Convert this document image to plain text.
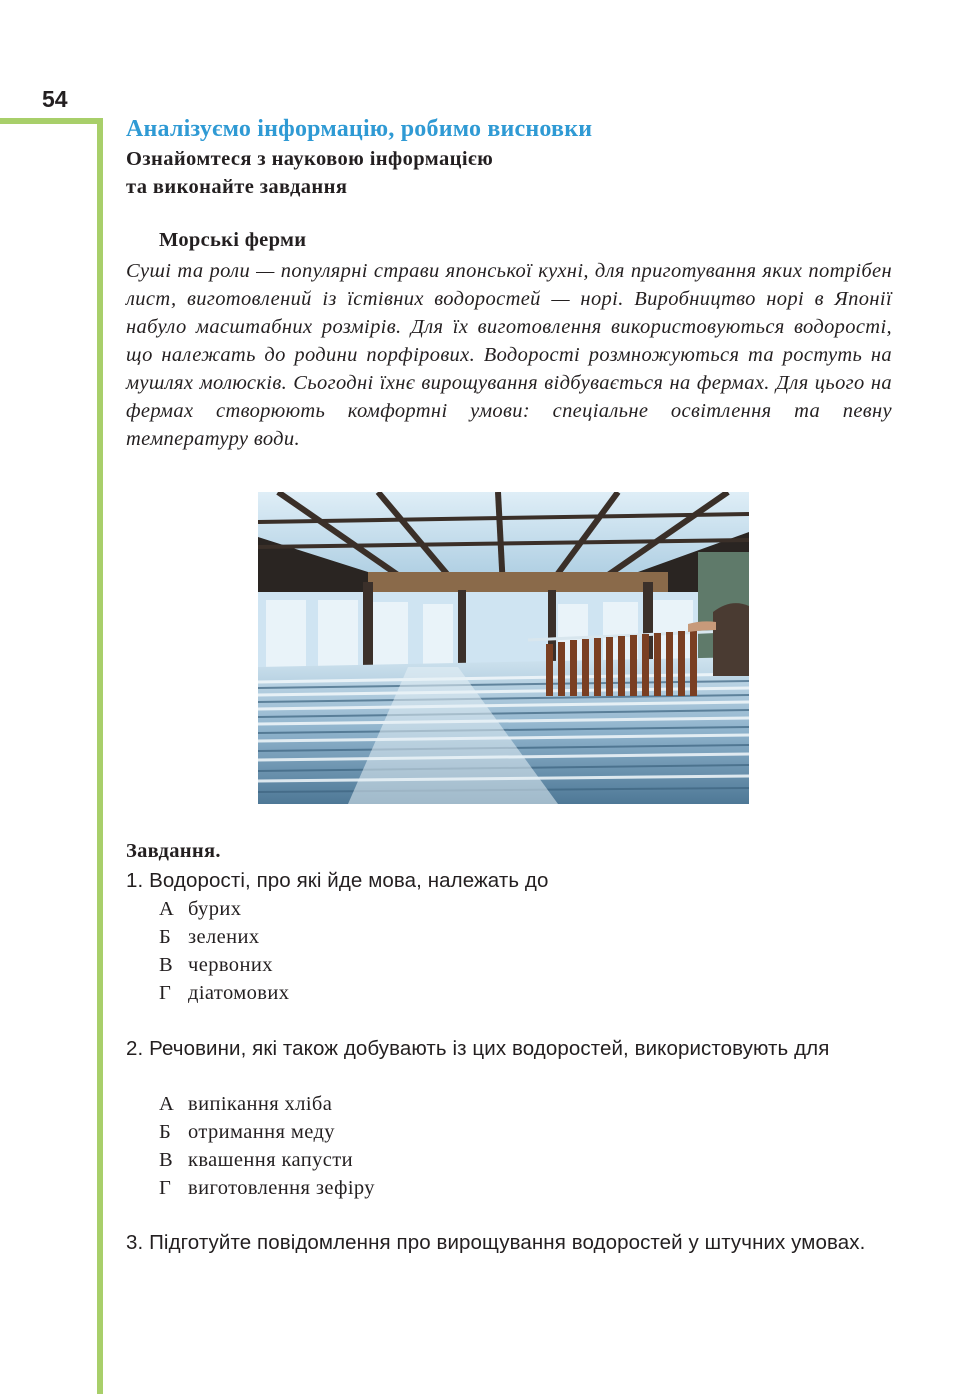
54
Аналізуємо інформацію, робимо висновки
Ознайомтеся з науковою інформацією
та виконайте завдання
Морські ферми

Суші та роли — популярні страви японської кухні, для приготування яких потрібен лист, виготовлений із їстівних водоростей — норі. Виробництво норі в Японії набуло масштабних розмірів. Для їх виготовлення використовуються водорості, що належать до родини порфірових. Водорості розмножуються та ростуть на мушлях молюсків. Сьогодні їхнє вирощування відбувається на фермах. Для цього на фермах створюють комфортні умови: спеціальне освітлення та певну температуру води.

Завдання.

1. Водорості, про які йде мова, належать до

А бурих
Б зелених
В червоних
Г діатомових

2. Речовини, які також добувають із цих водоростей, використовують для

А випікання хліба
Б отримання меду
В квашення капусти
Г виготовлення зефіру

3. Підготуйте повідомлення про вирощування водоростей у штучних умовах.
